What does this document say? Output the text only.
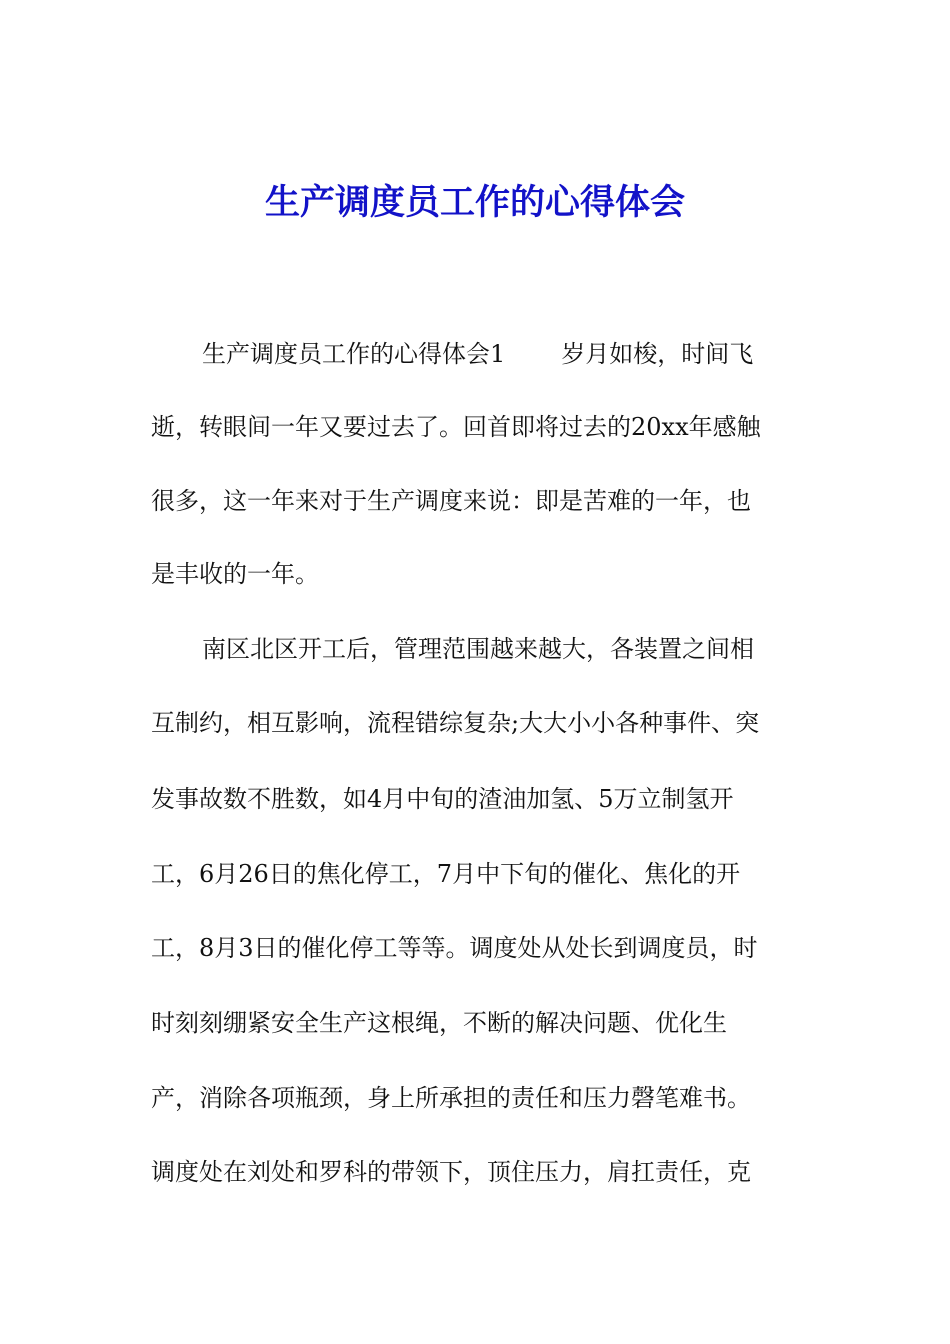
生产调度员工作的心得体会
生产调度员工作的心得体会1 岁月如梭，时间飞
逝，转眼间一年又要过去了。回首即将过去的20xx年感触
很多，这一年来对于生产调度来说：即是苦难的一年，也
是丰收的一年。
南区北区开工后，管理范围越来越大，各装置之间相
互制约，相互影响，流程错综复杂;大大小小各种事件、突
发事故数不胜数，如4月中旬的渣油加氢、5万立制氢开
工，6月26日的焦化停工，7月中下旬的催化、焦化的开
工，8月3日的催化停工等等。调度处从处长到调度员，时
时刻刻绷紧安全生产这根绳，不断的解决问题、优化生
产，消除各项瓶颈，身上所承担的责任和压力磬笔难书。
调度处在刘处和罗科的带领下，顶住压力，肩扛责任，克
